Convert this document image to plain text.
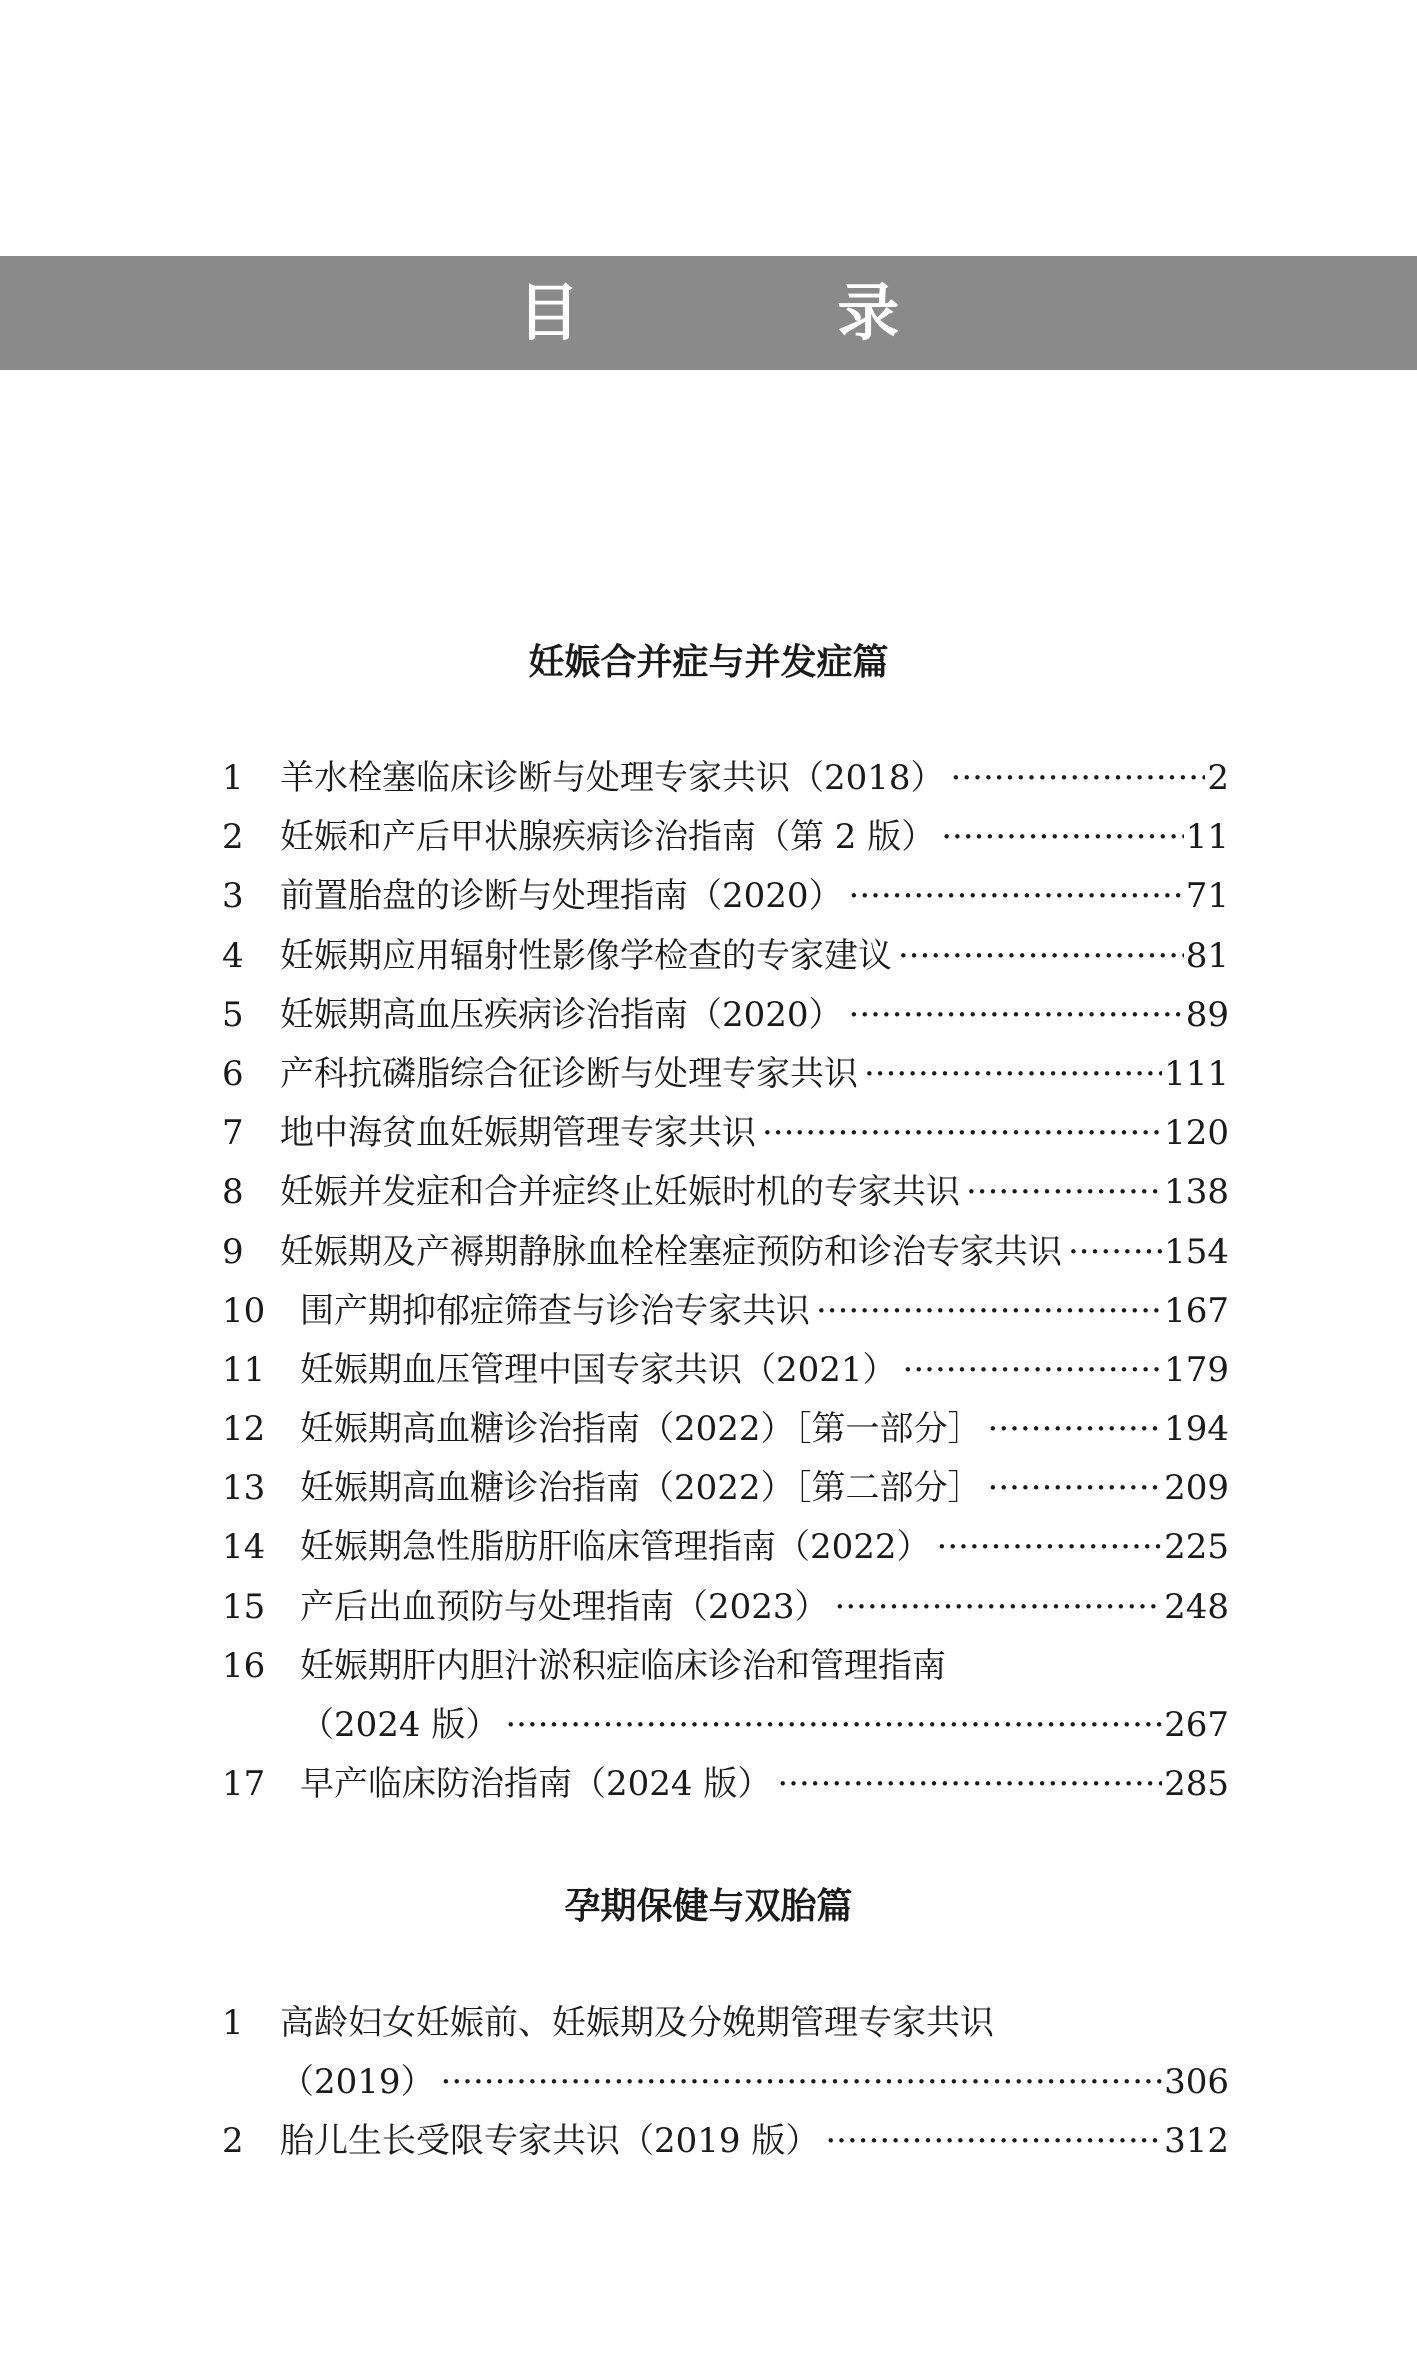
目 录
妊娠合并症与并发症篇
1	羊水栓塞临床诊断与处理专家共识（2018） ·····	2
2	妊娠和产后甲状腺疾病诊治指南（第 2 版） ·····	11
3	前置胎盘的诊断与处理指南（2020） ·····	71
4	妊娠期应用辐射性影像学检查的专家建议 ·····	81
5	妊娠期高血压疾病诊治指南（2020） ·····	89
6	产科抗磷脂综合征诊断与处理专家共识 ·····	111
7	地中海贫血妊娠期管理专家共识 ·····	120
8	妊娠并发症和合并症终止妊娠时机的专家共识 ·····	138
9	妊娠期及产褥期静脉血栓栓塞症预防和诊治专家共识 ·····	154
10	围产期抑郁症筛查与诊治专家共识 ·····	167
11	妊娠期血压管理中国专家共识（2021） ·····	179
12	妊娠期高血糖诊治指南（2022）［第一部分］ ·····	194
13	妊娠期高血糖诊治指南（2022）［第二部分］ ·····	209
14	妊娠期急性脂肪肝临床管理指南（2022） ·····	225
15	产后出血预防与处理指南（2023） ·····	248
16	妊娠期肝内胆汁淤积症临床诊治和管理指南
（2024 版） ·····	267
17	早产临床防治指南（2024 版） ·····	285
孕期保健与双胎篇
1	高龄妇女妊娠前、妊娠期及分娩期管理专家共识
（2019） ·····	306
2	胎儿生长受限专家共识（2019 版） ·····	312
